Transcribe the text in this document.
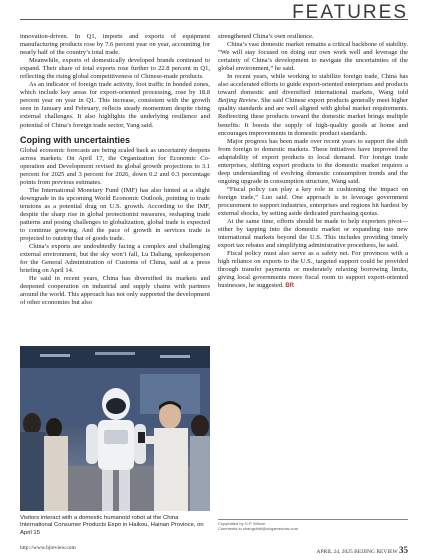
FEATURES

innovation-driven. In Q1, imports and exports of equipment manufacturing products rose by 7.6 percent year on year, accounting for nearly half of the country’s total trade.

Meanwhile, exports of domestically developed brands continued to expand. Their share of total exports rose further to 22.8 percent in Q1, reflecting the rising global competitiveness of Chinese-made products.

As an indicator of foreign trade activity, foot traffic in bonded zones, which include key areas for export-oriented processing, rose by 18.8 percent year on year in Q1. This increase, consistent with the growth seen in January and February, reflects steady momentum despite rising external challenges. It also highlights the underlying resilience and potential of China’s foreign trade sector, Yang said.

Coping with uncertainties

Global economic forecasts are being scaled back as uncertainty deepens across markets. On April 17, the Organization for Economic Co-operation and Development revised its global growth projections to 3.1 percent for 2025 and 3 percent for 2026, down 0.2 and 0.3 percentage points from previous estimates.

The International Monetary Fund (IMF) has also hinted at a slight downgrade in its upcoming World Economic Outlook, pointing to trade tensions as a potential drag on U.S. growth. According to the IMF, despite the sharp rise in global protectionist measures, reshaping trade patterns and posing challenges to globalization, global trade is expected to continue growing. And the pace of growth in services trade is projected to outstrip that of goods trade.

China’s exports are undoubtedly facing a complex and challenging external environment, but the sky won’t fall, Lu Daliang, spokesperson for the General Administration of Customs of China, said at a press briefing on April 14.

He said in recent years, China has diversified its markets and deepened cooperation on industrial and supply chains with partners around the world. This approach has not only supported the development of other economies but also

Visitors interact with a domestic humanoid robot at the China International Consumer Products Expo in Haikou, Hainan Province, on April 15

strengthened China’s own resilience.

China’s vast domestic market remains a critical backbone of stability. “We will stay focused on doing our own work well and leverage the certainty of China’s development to navigate the uncertainties of the global environment,” he said.

In recent years, while working to stabilize foreign trade, China has also accelerated efforts to guide export-oriented enterprises and products toward domestic and diversified international markets, Wang told Beijing Review. She said Chinese export products generally meet higher quality standards and are well aligned with global market requirements. Redirecting these products toward the domestic market brings multiple benefits: It boosts the supply of high-quality goods at home and encourages improvements in domestic product standards.

Major progress has been made over recent years to support the shift from foreign to domestic markets. These initiatives have improved the adaptability of export products to local demand. For foreign trade enterprises, shifting export products to the domestic market requires a deep understanding of evolving domestic consumption trends and the ongoing upgrade in consumption structure, Wang said.

“Fiscal policy can play a key role in cushioning the impact on foreign trade,” Luo said. One approach is to leverage government procurement to support industries, enterprises and regions hit hardest by external shocks, by setting aside dedicated purchasing quotas.

At the same time, efforts should be made to help exporters pivot—either by tapping into the domestic market or expanding into new international markets beyond the U.S. This includes providing timely export tax rebates and simplifying administrative procedures, he said.

Fiscal policy must also serve as a safety net. For provinces with a high reliance on exports to the U.S., targeted support could be provided through transfer payments or moderately relaxing borrowing limits, giving local governments more fiscal room to support export-oriented businesses, he suggested. BR

Copyedited by G.P. Wilson
Comments to zhangshidi@cicgamericas.com
http://www.bjreview.com
APRIL 24, 2025 BEIJING REVIEW 35
